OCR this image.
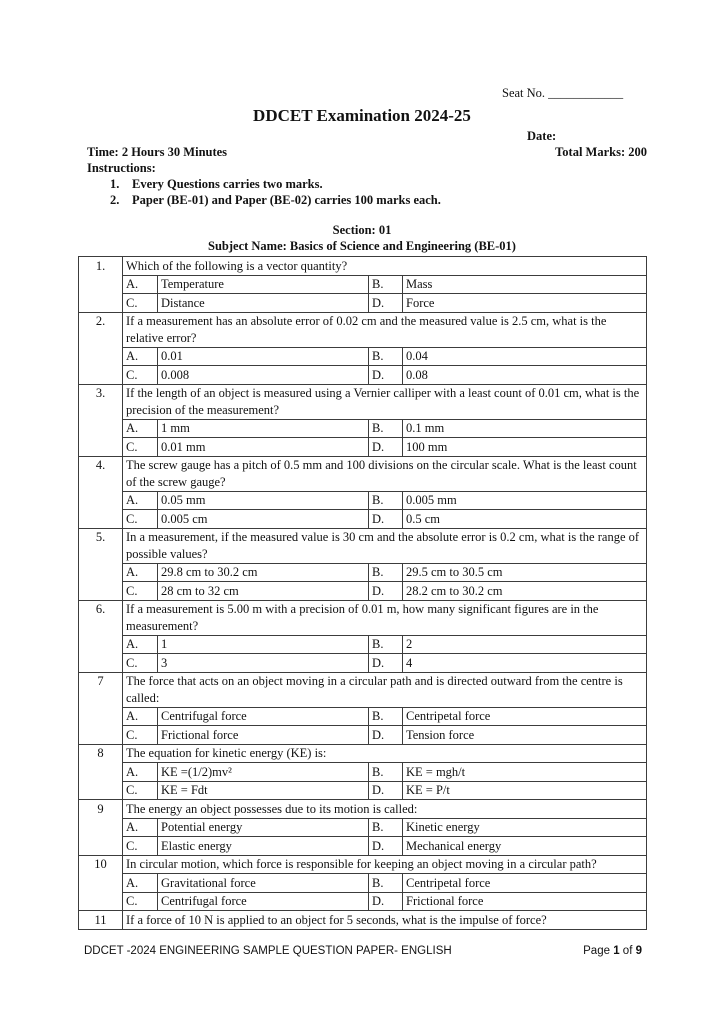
Seat No. ____________
DDCET Examination 2024-25
Date:
Time: 2 Hours 30 Minutes	Total Marks: 200
Instructions:
1.	Every Questions carries two marks.
2.	Paper (BE-01) and Paper (BE-02) carries 100 marks each.
Section: 01
Subject Name: Basics of Science and Engineering (BE-01)
1.	Which of the following is a vector quantity?			
	A.	Temperature	B.	Mass
	C.	Distance	D.	Force
2.	If a measurement has an absolute error of 0.02 cm and the measured value is 2.5 cm, what is the relative error?			
	A.	0.01	B.	0.04
	C.	0.008	D.	0.08
3.	If the length of an object is measured using a Vernier calliper with a least count of 0.01 cm, what is the precision of the measurement?			
	A.	1 mm	B.	0.1 mm
	C.	0.01 mm	D.	100 mm
4.	The screw gauge has a pitch of 0.5 mm and 100 divisions on the circular scale. What is the least count of the screw gauge?			
	A.	0.05 mm	B.	0.005 mm
	C.	0.005 cm	D.	0.5 cm
5.	In a measurement, if the measured value is 30 cm and the absolute error is 0.2 cm, what is the range of possible values?			
	A.	29.8 cm to 30.2 cm	B.	29.5 cm to 30.5 cm
	C.	28 cm to 32 cm	D.	28.2 cm to 30.2 cm
6.	If a measurement is 5.00 m with a precision of 0.01 m, how many significant figures are in the measurement?			
	A.	1	B.	2
	C.	3	D.	4
7	The force that acts on an object moving in a circular path and is directed outward from the centre is called:			
	A.	Centrifugal force	B.	Centripetal force
	C.	Frictional force	D.	Tension force
8	The equation for kinetic energy (KE) is:			
	A.	KE =(1/2)mv²	B.	KE = mgh/t
	C.	KE = Fdt	D.	KE = P/t
9	The energy an object possesses due to its motion is called:			
	A.	Potential energy	B.	Kinetic energy
	C.	Elastic energy	D.	Mechanical energy
10	In circular motion, which force is responsible for keeping an object moving in a circular path?			
	A.	Gravitational force	B.	Centripetal force
	C.	Centrifugal force	D.	Frictional force
11	If a force of 10 N is applied to an object for 5 seconds, what is the impulse of force?			
DDCET -2024 ENGINEERING SAMPLE QUESTION PAPER- ENGLISH	Page 1 of 9
